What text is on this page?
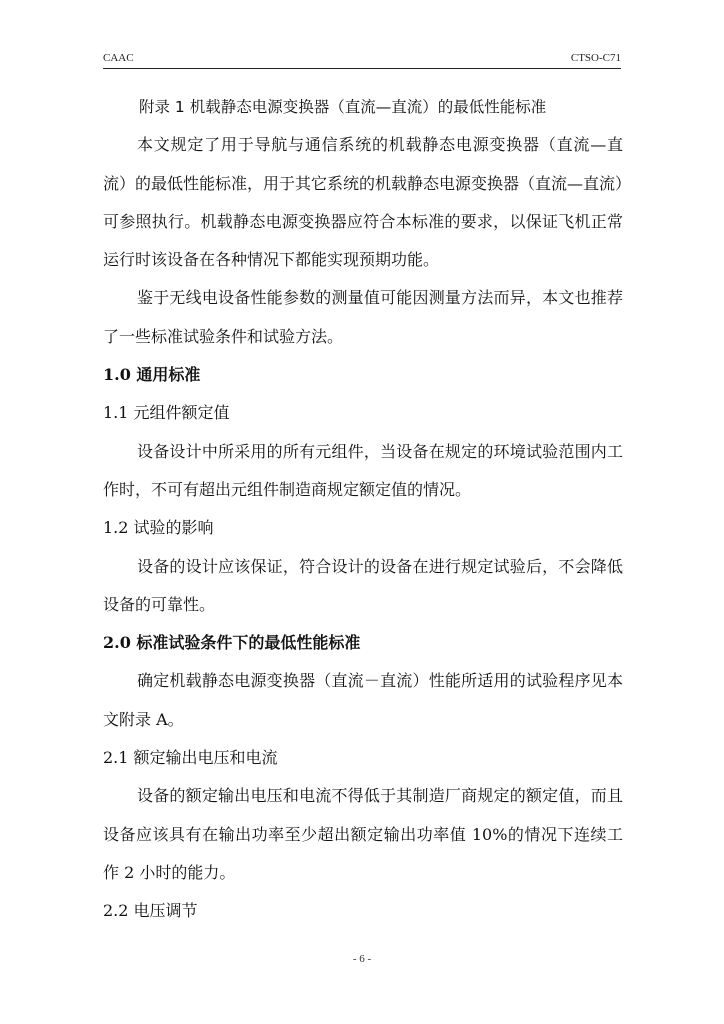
CAAC	CTSO-C71
附录 1 机载静态电源变换器（直流—直流）的最低性能标准
本文规定了用于导航与通信系统的机载静态电源变换器（直流—直流）的最低性能标准，用于其它系统的机载静态电源变换器（直流—直流）可参照执行。机载静态电源变换器应符合本标准的要求，以保证飞机正常运行时该设备在各种情况下都能实现预期功能。
鉴于无线电设备性能参数的测量值可能因测量方法而异，本文也推荐了一些标准试验条件和试验方法。
1.0 通用标准
1.1 元组件额定值
设备设计中所采用的所有元组件，当设备在规定的环境试验范围内工作时，不可有超出元组件制造商规定额定值的情况。
1.2 试验的影响
设备的设计应该保证，符合设计的设备在进行规定试验后，不会降低设备的可靠性。
2.0 标准试验条件下的最低性能标准
确定机载静态电源变换器（直流－直流）性能所适用的试验程序见本文附录 A。
2.1 额定输出电压和电流
设备的额定输出电压和电流不得低于其制造厂商规定的额定值，而且设备应该具有在输出功率至少超出额定输出功率值 10%的情况下连续工作 2 小时的能力。
2.2 电压调节
- 6 -
